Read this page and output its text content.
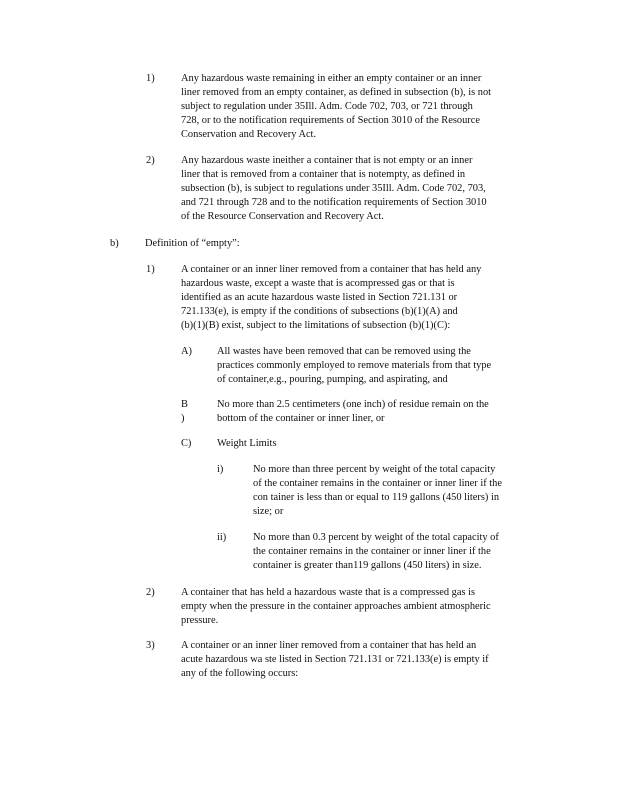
1)	Any hazardous waste remaining in either an empty container or an inner
liner removed from an empty container, as defined in subsection (b), is not
subject to regulation under 35Ill. Adm. Code 702, 703, or 721 through
728, or to the notification requirements of Section 3010 of the Resource
Conservation and Recovery Act.
2)	Any hazardous waste ineither a container that is not empty or an inner
liner that is removed from a container that is notempty, as defined in
subsection (b), is subject to regulations under 35Ill. Adm. Code 702, 703,
and 721 through 728 and to the notification requirements of Section 3010
of the Resource Conservation and Recovery Act.
b)	Definition of “empty”:
1)	A container or an inner liner removed from a container that has held any
hazardous waste, except a waste that is acompressed gas or that is
identified as an acute hazardous waste listed in Section 721.131 or
721.133(e), is empty if the conditions of subsections (b)(1)(A) and
(b)(1)(B) exist, subject to the limitations of subsection (b)(1)(C):
A) All wastes have been removed that can be removed using the
practices commonly employed to remove materials from that type
of container,e.g., pouring, pumping, and aspirating, and
B )
No more than 2.5 centimeters (one inch) of residue remain on the
bottom of the container or inner liner, or
C) Weight Limits
i)	No more than three percent by weight of the total capacity
of the container remains in the container or inner liner if the
con tainer is less than or equal to 119 gallons (450 liters) in
size; or
ii)	No more than 0.3 percent by weight of the total capacity of
the container remains in the container or inner liner if the
container is greater than119 gallons (450 liters) in size.
2)	A container that has held a hazardous waste that is a compressed gas is
empty when the pressure in the container approaches ambient atmospheric
pressure.
3)	A container or an inner liner removed from a container that has held an
acute hazardous wa ste listed in Section 721.131 or 721.133(e) is empty if
any of the following occurs:
